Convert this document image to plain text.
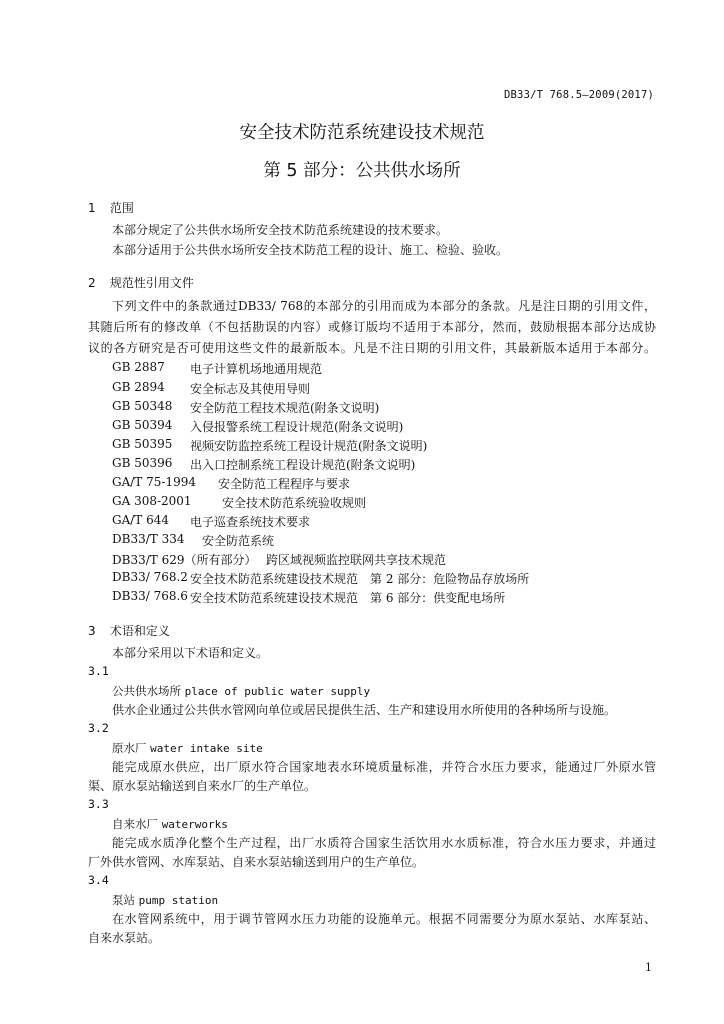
DB33/T 768.5—2009(2017)
安全技术防范系统建设技术规范
第 5 部分：公共供水场所
1 范围
本部分规定了公共供水场所安全技术防范系统建设的技术要求。
本部分适用于公共供水场所安全技术防范工程的设计、施工、检验、验收。
2 规范性引用文件
下列文件中的条款通过DB33/ 768的本部分的引用而成为本部分的条款。凡是注日期的引用文件，
其随后所有的修改单（不包括勘误的内容）或修订版均不适用于本部分，然而，鼓励根据本部分达成协
议的各方研究是否可使用这些文件的最新版本。凡是不注日期的引用文件，其最新版本适用于本部分。
GB 2887 电子计算机场地通用规范
GB 2894 安全标志及其使用导则
GB 50348 安全防范工程技术规范(附条文说明)
GB 50394 入侵报警系统工程设计规范(附条文说明)
GB 50395 视频安防监控系统工程设计规范(附条文说明)
GB 50396 出入口控制系统工程设计规范(附条文说明)
GA/T 75-1994 安全防范工程程序与要求
GA 308-2001	安全技术防范系统验收规则
GA/T 644 电子巡查系统技术要求
DB33/T 334 安全防范系统
DB33/T 629（所有部分） 跨区域视频监控联网共享技术规范
DB33/ 768.2 安全技术防范系统建设技术规范　第 2 部分：危险物品存放场所
DB33/ 768.6 安全技术防范系统建设技术规范　第 6 部分：供变配电场所
3 术语和定义
本部分采用以下术语和定义。
3.1
公共供水场所 place of public water supply
供水企业通过公共供水管网向单位或居民提供生活、生产和建设用水所使用的各种场所与设施。
3.2
原水厂 water intake site
能完成原水供应，出厂原水符合国家地表水环境质量标准，并符合水压力要求，能通过厂外原水管
渠、原水泵站输送到自来水厂的生产单位。
3.3
自来水厂 waterworks
能完成水质净化整个生产过程，出厂水质符合国家生活饮用水水质标准，符合水压力要求，并通过
厂外供水管网、水库泵站、自来水泵站输送到用户的生产单位。
3.4
泵站 pump station
在水管网系统中，用于调节管网水压力功能的设施单元。根据不同需要分为原水泵站、水库泵站、
自来水泵站。
1
